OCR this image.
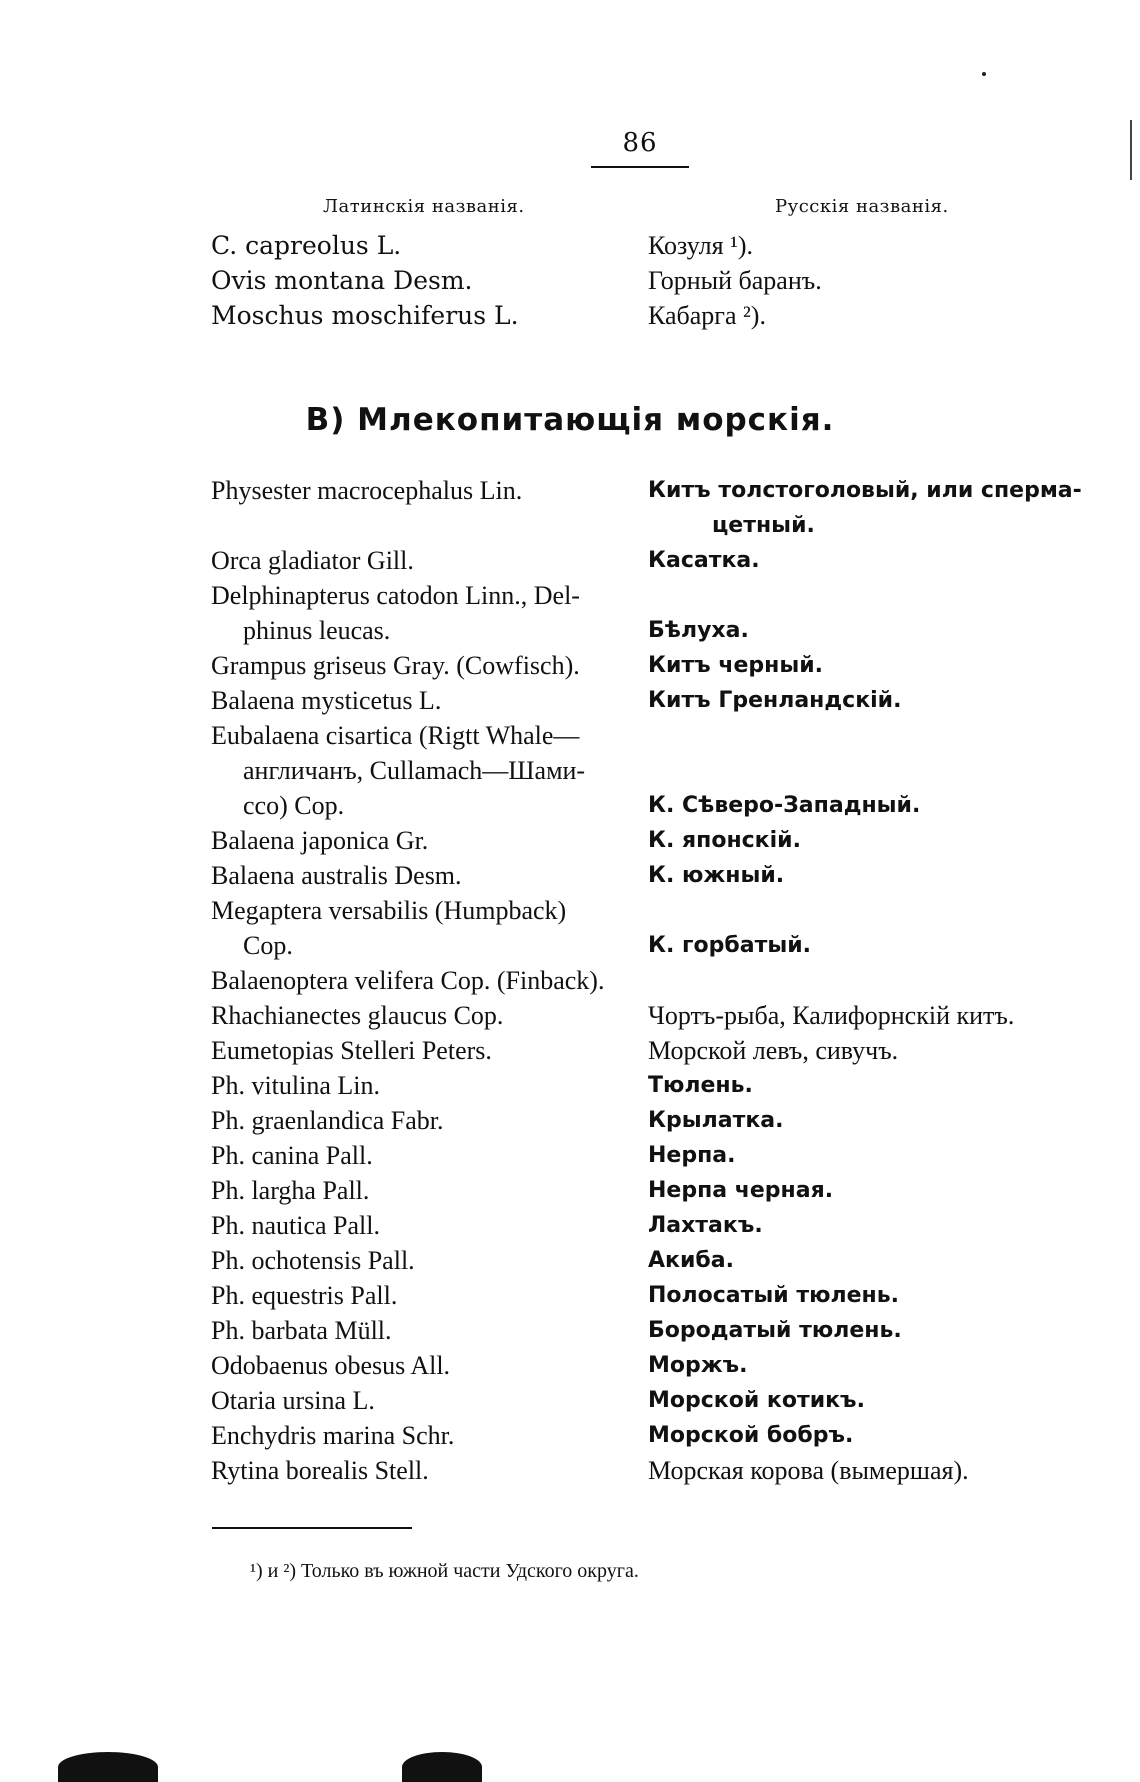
86
Латинскія названія.	Русскія названія.
C. capreolus L.	Козуля ¹).
Ovis montana Desm.	Горный баранъ.
Moschus moschiferus L.	Кабарга ²).
В) Млекопитающія морскія.
Physester macrocephalus Lin.	Китъ толстоголовый, или сперма-
цетный.
Orca gladiator Gill.	Касатка.
Delphinapterus catodon Linn., Del-
phinus leucas.	Бѣлуха.
Grampus griseus Gray. (Cowfisch).	Китъ черный.
Balaena mysticetus L.	Китъ Гренландскій.
Eubalaena cisartica (Rigtt Whale—
англичанъ, Cullamach—Шами-
ссо) Cop.	К. Сѣверо-Западный.
Balaena japonica Gr.	К. японскій.
Balaena australis Desm.	К. южный.
Megaptera versabilis (Humpback)
Cop.	К. горбатый.
Balaenoptera velifera Cop. (Finback).
Rhachianectes glaucus Cop.	Чортъ-рыба, Калифорнскій китъ.
Eumetopias Stelleri Peters.	Морской левъ, сивучъ.
Ph. vitulina Lin.	Тюлень.
Ph. graenlandica Fabr.	Крылатка.
Ph. canina Pall.	Нерпа.
Ph. largha Pall.	Нерпа черная.
Ph. nautica Pall.	Лахтакъ.
Ph. ochotensis Pall.	Акиба.
Ph. equestris Pall.	Полосатый тюлень.
Ph. barbata Müll.	Бородатый тюлень.
Odobaenus obesus All.	Моржъ.
Otaria ursina L.	Морской котикъ.
Enchydris marina Schr.	Морской бобръ.
Rytina borealis Stell.	Морская корова (вымершая).
¹) и ²) Только въ южной части Удского округа.
